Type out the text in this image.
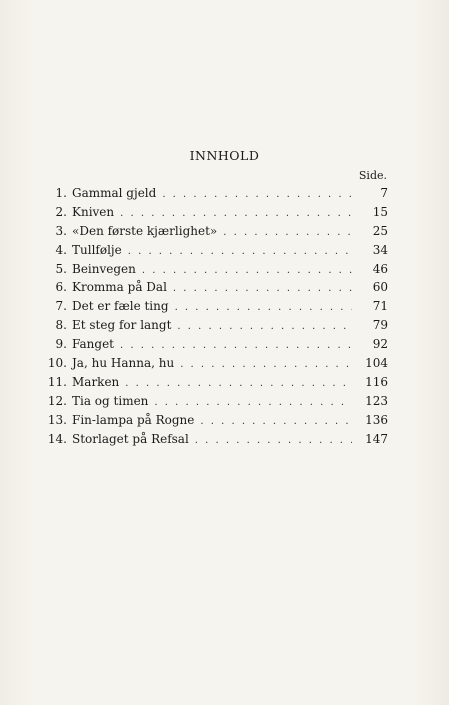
INNHOLD
Side.
1. Gammal gjeld . . .	7
2. Kniven . . .	15
3. «Den første kjærlighet» . . .	25
4. Tullfølje . . .	34
5. Beinvegen . . .	46
6. Kromma på Dal . . .	60
7. Det er fæle ting . . .	71
8. Et steg for langt . . .	79
9. Fanget . . .	92
10. Ja, hu Hanna, hu . . .	104
11. Marken . . .	116
12. Tia og timen . . .	123
13. Fin-lampa på Rogne . . .	136
14. Storlaget på Refsal . . .	147
